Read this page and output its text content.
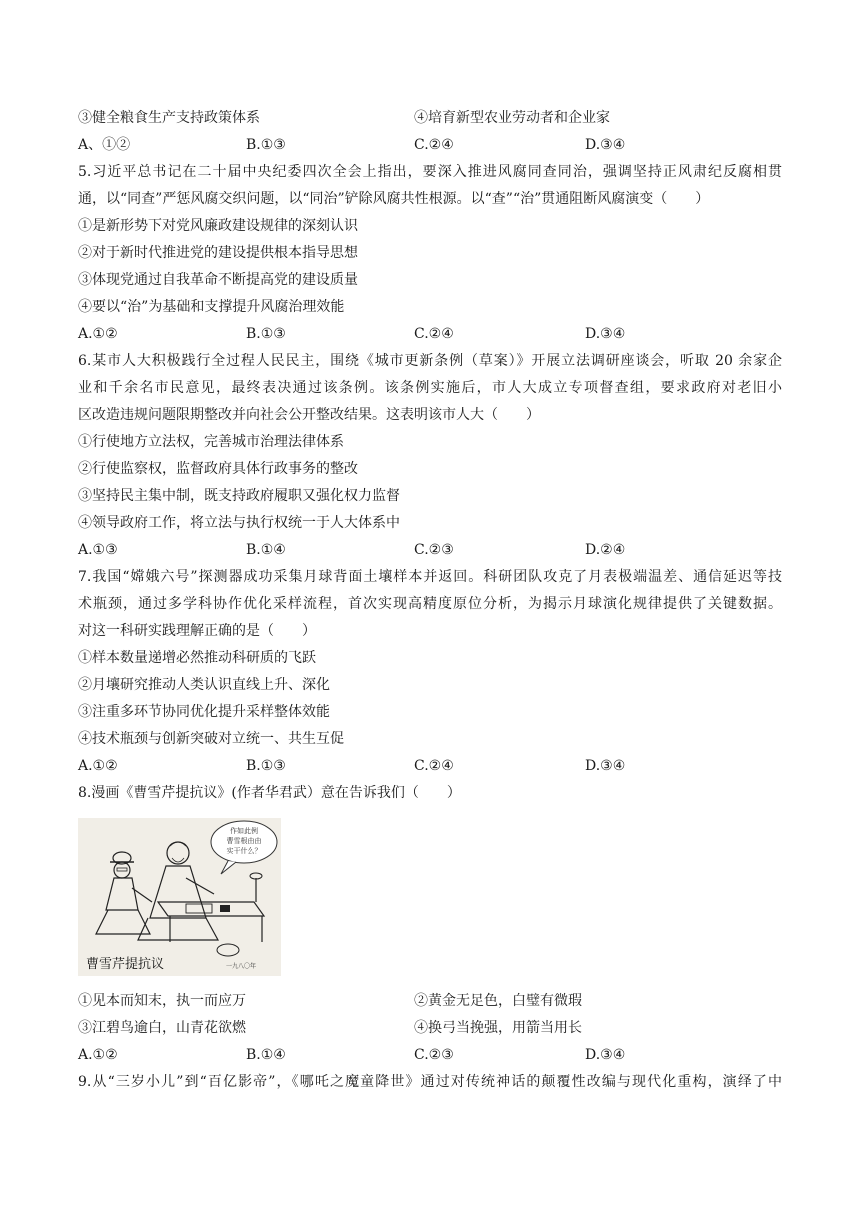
③健全粮食生产支持政策体系	④培育新型农业劳动者和企业家
A、①②	B.①③	C.②④	D.③④
5.习近平总书记在二十届中央纪委四次全会上指出，要深入推进风腐同查同治，强调坚持正风肃纪反腐相贯
通，以“同查”严惩风腐交织问题，以“同治”铲除风腐共性根源。以“查”“治”贯通阻断风腐演变（　　）
①是新形势下对党风廉政建设规律的深刻认识
②对于新时代推进党的建设提供根本指导思想
③体现党通过自我革命不断提高党的建设质量
④要以“治”为基础和支撑提升风腐治理效能
A.①②	B.①③	C.②④	D.③④
6.某市人大积极践行全过程人民民主，围绕《城市更新条例（草案）》开展立法调研座谈会，听取 20 余家企
业和千余名市民意见，最终表决通过该条例。该条例实施后，市人大成立专项督查组，要求政府对老旧小
区改造违规问题限期整改并向社会公开整改结果。这表明该市人大（　　）
①行使地方立法权，完善城市治理法律体系
②行使监察权，监督政府具体行政事务的整改
③坚持民主集中制，既支持政府履职又强化权力监督
④领导政府工作，将立法与执行权统一于人大体系中
A.①③	B.①④	C.②③	D.②④
7.我国“嫦娥六号”探测器成功采集月球背面土壤样本并返回。科研团队攻克了月表极端温差、通信延迟等技
术瓶颈，通过多学科协作优化采样流程，首次实现高精度原位分析，为揭示月球演化规律提供了关键数据。
对这一科研实践理解正确的是（　　）
①样本数量递增必然推动科研质的飞跃
②月壤研究推动人类认识直线上升、深化
③注重多环节协同优化提升采样整体效能
④技术瓶颈与创新突破对立统一、共生互促
A.①②	B.①③	C.②④	D.③④
8.漫画《曹雪芹提抗议》(作者华君武）意在告诉我们（　　）
作如此例
曹雪根由由
实干什么？
曹雪芹提抗议	一九八〇年
①见本而知末，执一而应万	②黄金无足色，白璧有微瑕
③江碧鸟逾白，山青花欲燃	④换弓当挽强，用箭当用长
A.①②	B.①④	C.②③	D.③④
9.从“三岁小儿”到“百亿影帝”，《哪吒之魔童降世》通过对传统神话的颠覆性改编与现代化重构，演绎了中
